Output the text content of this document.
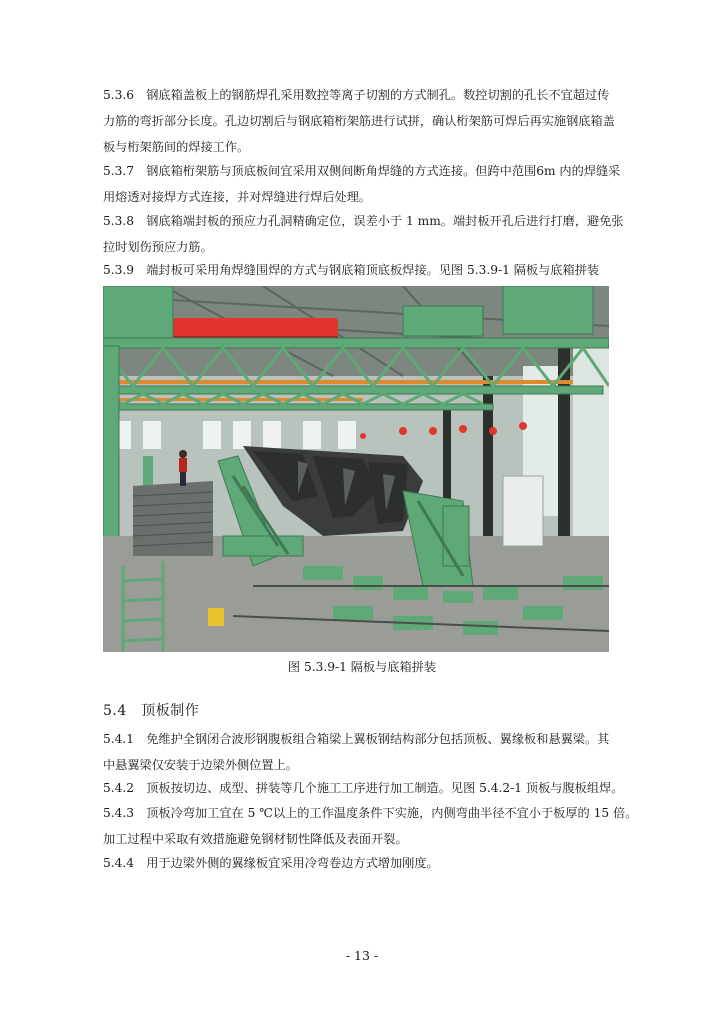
5.3.6　钢底箱盖板上的钢筋焊孔采用数控等离子切割的方式制孔。数控切割的孔长不宜超过传
力筋的弯折部分长度。孔边切割后与钢底箱桁架筋进行试拼，确认桁架筋可焊后再实施钢底箱盖
板与桁架筋间的焊接工作。
5.3.7　钢底箱桁架筋与顶底板间宜采用双侧间断角焊缝的方式连接。但跨中范围6m 内的焊缝采
用熔透对接焊方式连接，并对焊缝进行焊后处理。
5.3.8　钢底箱端封板的预应力孔洞精确定位，误差小于 1 mm。端封板开孔后进行打磨，避免张
拉时划伤预应力筋。
5.3.9　端封板可采用角焊缝围焊的方式与钢底箱顶底板焊接。见图 5.3.9-1 隔板与底箱拼装
图 5.3.9-1 隔板与底箱拼装
5.4　顶板制作
5.4.1　免维护全钢闭合波形钢腹板组合箱梁上翼板钢结构部分包括顶板、翼缘板和悬翼梁。其
中悬翼梁仅安装于边梁外侧位置上。
5.4.2　顶板按切边、成型、拼装等几个施工工序进行加工制造。见图 5.4.2-1 顶板与腹板组焊。
5.4.3　顶板冷弯加工宜在 5 ℃以上的工作温度条件下实施，内侧弯曲半径不宜小于板厚的 15 倍。
加工过程中采取有效措施避免钢材韧性降低及表面开裂。
5.4.4　用于边梁外侧的翼缘板宜采用冷弯卷边方式增加刚度。
- 13 -
